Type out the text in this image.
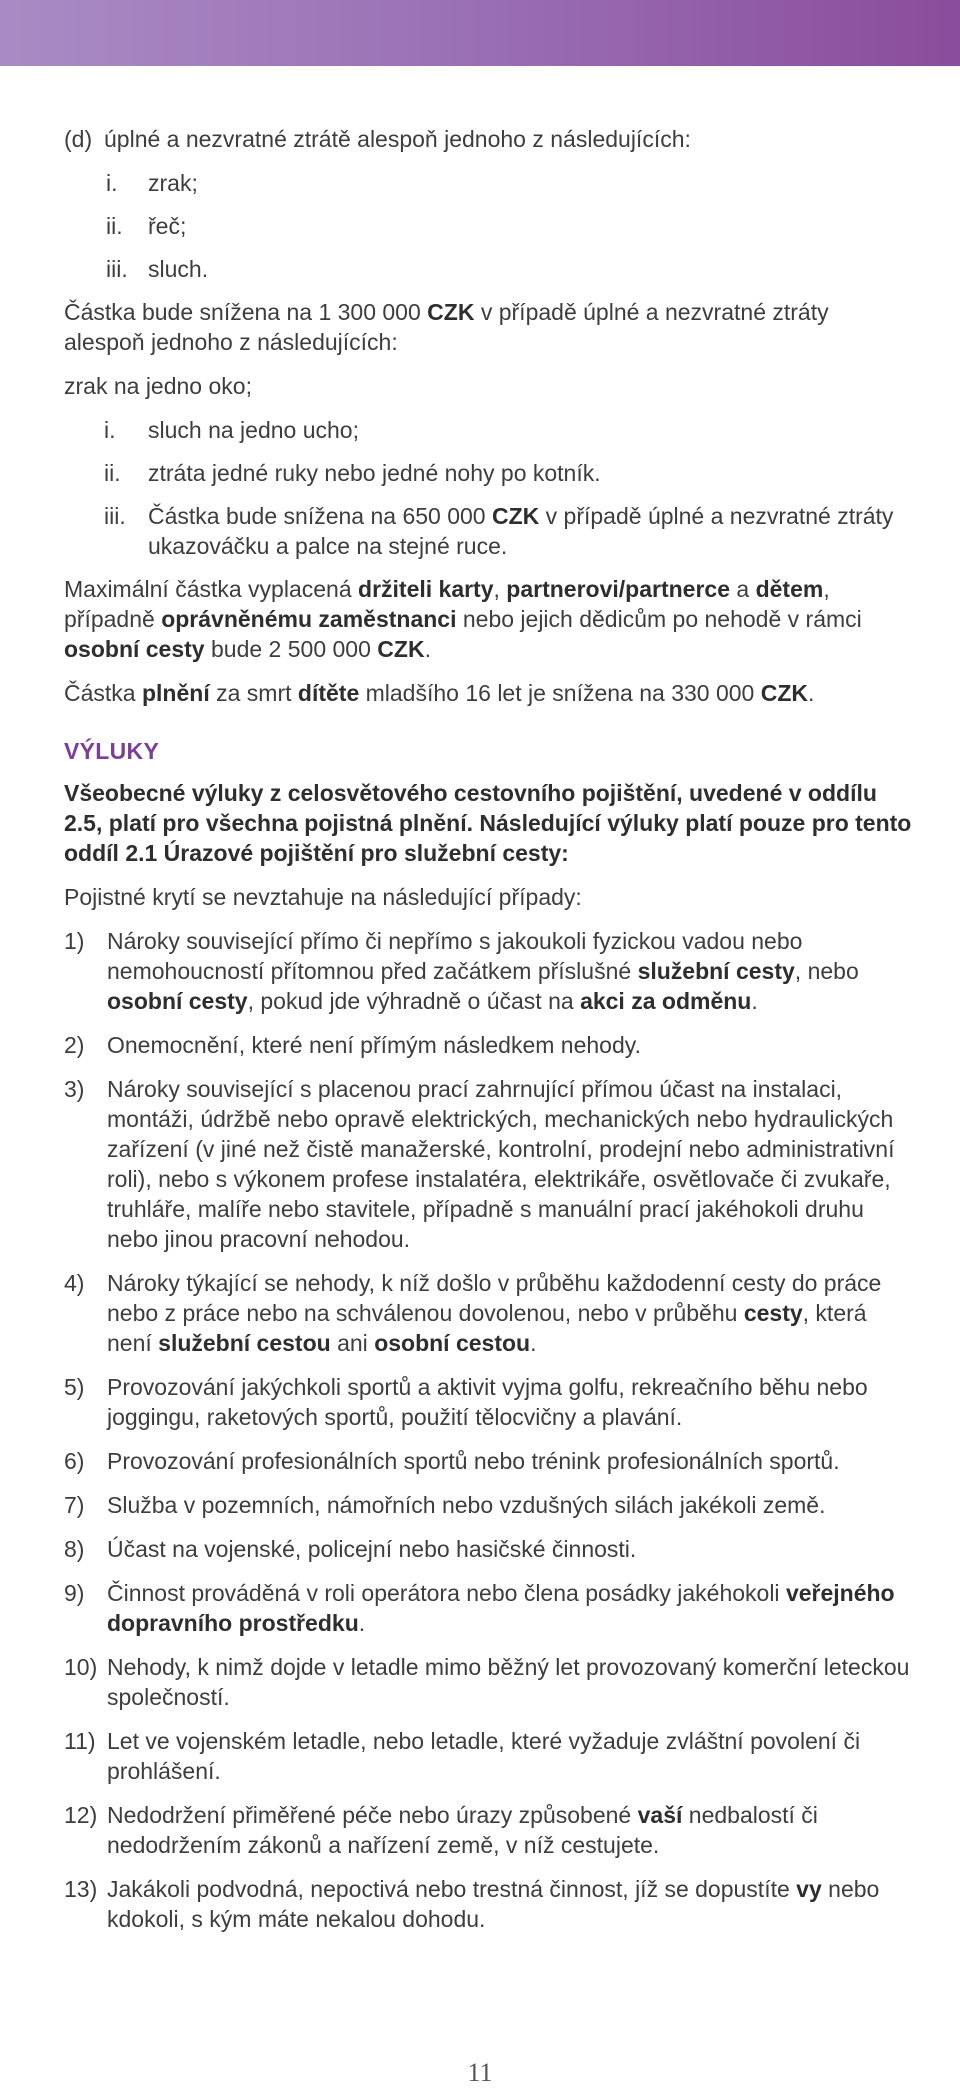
(d) úplné a nezvratné ztrátě alespoň jednoho z následujících:
i.	zrak;
ii.	řeč;
iii. sluch.

Částka bude snížena na 1 300 000 CZK v případě úplné a nezvratné ztráty alespoň jednoho z následujících:

zrak na jedno oko;

i.	sluch na jedno ucho;
ii.	ztráta jedné ruky nebo jedné nohy po kotník.
iii. Částka bude snížena na 650 000 CZK v případě úplné a nezvratné ztráty ukazováčku a palce na stejné ruce.

Maximální částka vyplacená držiteli karty, partnerovi/partnerce a dětem, případně oprávněnému zaměstnanci nebo jejich dědicům po nehodě v rámci osobní cesty bude 2 500 000 CZK.

Částka plnění za smrt dítěte mladšího 16 let je snížena na 330 000 CZK.

VÝLUKY

Všeobecné výluky z celosvětového cestovního pojištění, uvedené v oddílu 2.5, platí pro všechna pojistná plnění. Následující výluky platí pouze pro tento oddíl 2.1 Úrazové pojištění pro služební cesty:

Pojistné krytí se nevztahuje na následující případy:

1) Nároky související přímo či nepřímo s jakoukoli fyzickou vadou nebo nemohoucností přítomnou před začátkem příslušné služební cesty, nebo osobní cesty, pokud jde výhradně o účast na akci za odměnu.
2) Onemocnění, které není přímým následkem nehody.
3) Nároky související s placenou prací zahrnující přímou účast na instalaci, montáži, údržbě nebo opravě elektrických, mechanických nebo hydraulických zařízení (v jiné než čistě manažerské, kontrolní, prodejní nebo administrativní roli), nebo s výkonem profese instalatéra, elektrikáře, osvětlovače či zvukaře, truhláře, malíře nebo stavitele, případně s manuální prací jakéhokoli druhu nebo jinou pracovní nehodou.
4) Nároky týkající se nehody, k níž došlo v průběhu každodenní cesty do práce nebo z práce nebo na schválenou dovolenou, nebo v průběhu cesty, která není služební cestou ani osobní cestou.
5) Provozování jakýchkoli sportů a aktivit vyjma golfu, rekreačního běhu nebo joggingu, raketových sportů, použití tělocvičny a plavání.
6) Provozování profesionálních sportů nebo trénink profesionálních sportů.
7) Služba v pozemních, námořních nebo vzdušných silách jakékoli země.
8) Účast na vojenské, policejní nebo hasičské činnosti.
9) Činnost prováděná v roli operátora nebo člena posádky jakéhokoli veřejného dopravního prostředku.
10) Nehody, k nimž dojde v letadle mimo běžný let provozovaný komerční leteckou společností.
11) Let ve vojenském letadle, nebo letadle, které vyžaduje zvláštní povolení či prohlášení.
12) Nedodržení přiměřené péče nebo úrazy způsobené vaší nedbalostí či nedodržením zákonů a nařízení země, v níž cestujete.
13) Jakákoli podvodná, nepoctivá nebo trestná činnost, jíž se dopustíte vy nebo kdokoli, s kým máte nekalou dohodu.
11
